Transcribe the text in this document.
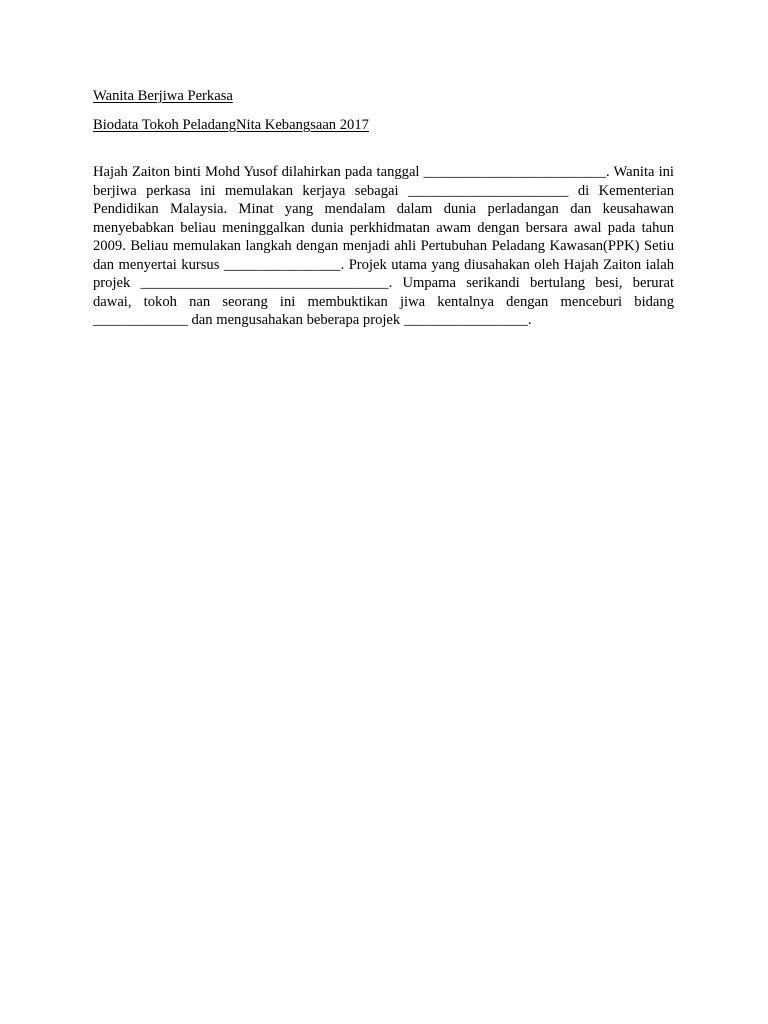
Wanita Berjiwa Perkasa
Biodata Tokoh PeladangNita Kebangsaan 2017

Hajah Zaiton binti Mohd Yusof dilahirkan pada tanggal _________________________. Wanita ini berjiwa perkasa ini memulakan kerjaya sebagai ______________________ di Kementerian Pendidikan Malaysia. Minat yang mendalam dalam dunia perladangan dan keusahawan menyebabkan beliau meninggalkan dunia perkhidmatan awam dengan bersara awal pada tahun 2009. Beliau memulakan langkah dengan menjadi ahli Pertubuhan Peladang Kawasan(PPK) Setiu dan menyertai kursus ________________. Projek utama yang diusahakan oleh Hajah Zaiton ialah projek __________________________________. Umpama serikandi bertulang besi, berurat dawai, tokoh nan seorang ini membuktikan jiwa kentalnya dengan menceburi bidang _____________ dan mengusahakan beberapa projek _________________.
